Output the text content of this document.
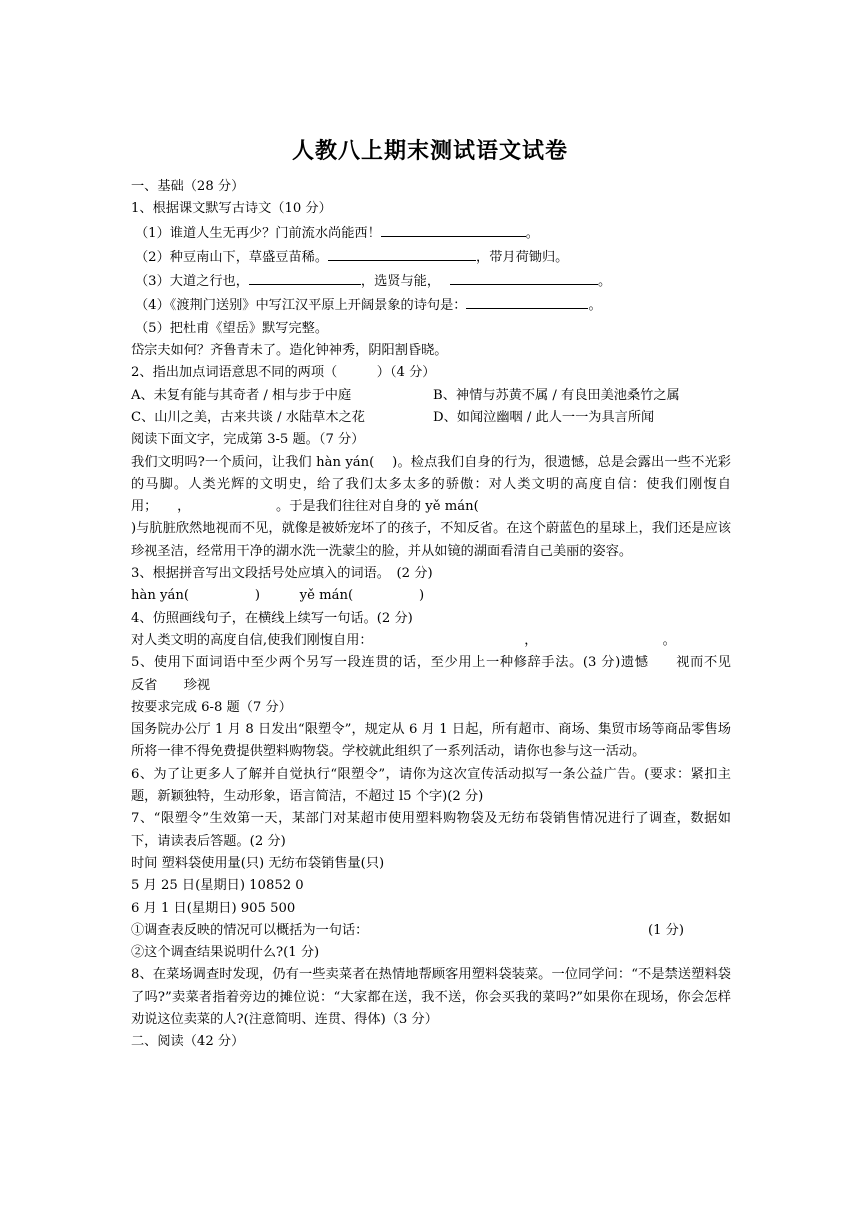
人教八上期末测试语文试卷
一、基础（28 分）
1、根据课文默写古诗文（10 分）
（1）谁道人生无再少？门前流水尚能西！	。
（2）种豆南山下，草盛豆苗稀。	，带月荷锄归。
（3）大道之行也，	，选贤与能，	。
（4）《渡荆门送别》中写江汉平原上开阔景象的诗句是：	。
（5）把杜甫《望岳》默写完整。
岱宗夫如何？齐鲁青未了。造化钟神秀，阴阳割昏晓。
2、指出加点词语意思不同的两项（　　　）（4 分）
A、未复有能与其奇者 / 相与步于中庭	B、神情与苏黄不属 / 有良田美池桑竹之属
C、山川之美，古来共谈 / 水陆草木之花	D、如闻泣幽咽 / 此人一一为具言所闻
阅读下面文字，完成第 3-5 题。（7 分）
我们文明吗?一个质问，让我们 hàn yán(　 )。检点我们自身的行为，很遗憾，总是会露出一些不光彩的马脚。人类光辉的文明史，给了我们太多太多的骄傲：对人类文明的高度自信：使我们刚愎自用；　　，　　　　　　　。于是我们往往对自身的 yě mán(
)与肮脏欣然地视而不见，就像是被娇宠坏了的孩子，不知反省。在这个蔚蓝色的星球上，我们还是应该珍视圣洁，经常用干净的湖水洗一洗蒙尘的脸，并从如镜的湖面看清自己美丽的姿容。
3、根据拼音写出文段括号处应填入的词语。　(2 分)
hàn yán(　　　　　)　　　yě mán(　　　　　)
4、仿照画线句子，在横线上续写一句话。(2 分)
对人类文明的高度自信,使我们刚愎自用：　　　　　　　　　　　　，　　　　　　　　　　。
5、使用下面词语中至少两个另写一段连贯的话，至少用上一种修辞手法。(3 分)遗憾　　视而不见　　反省　　珍视
按要求完成 6-8 题（7 分）
国务院办公厅 1 月 8 日发出“限塑令”，规定从 6 月 1 日起，所有超市、商场、集贸市场等商品零售场所将一律不得免费提供塑料购物袋。学校就此组织了一系列活动，请你也参与这一活动。
6、为了让更多人了解并自觉执行“限塑令”，请你为这次宣传活动拟写一条公益广告。(要求：紧扣主题，新颖独特，生动形象，语言简洁，不超过 l5 个字)(2 分)
7、“限塑令”生效第一天，某部门对某超市使用塑料购物袋及无纺布袋销售情况进行了调查，数据如下，请读表后答题。(2 分)
时间 塑料袋使用量(只) 无纺布袋销售量(只)
5 月 25 日(星期日) 10852 0
6 月 1 日(星期日) 905 500
①调查表反映的情况可以概括为一句话：	(1 分)
②这个调查结果说明什么?(1 分)
8、在菜场调查时发现，仍有一些卖菜者在热情地帮顾客用塑料袋装菜。一位同学问：“不是禁送塑料袋了吗?”卖菜者指着旁边的摊位说：“大家都在送，我不送，你会买我的菜吗?”如果你在现场，你会怎样劝说这位卖菜的人?(注意简明、连贯、得体)（3 分）
二、阅读（42 分）
